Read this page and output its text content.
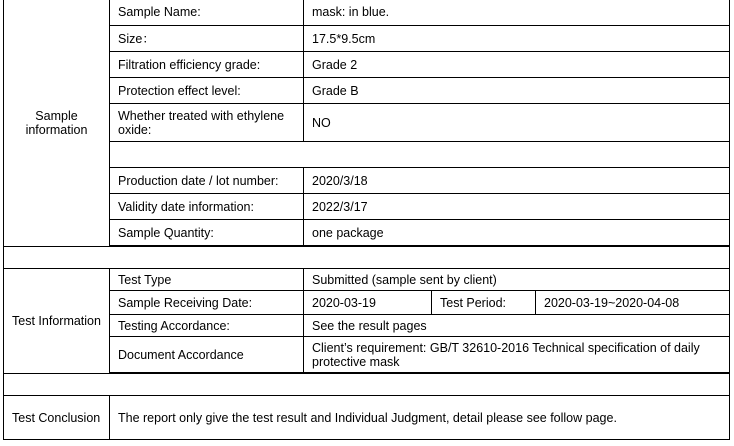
Sample information	Sample Name:	mask: in blue.		
	Size：	17.5*9.5cm		
	Filtration efficiency grade:	Grade 2		
	Protection effect level:	Grade B		
	Whether treated with ethylene oxide:	NO		

	Production date / lot number:	2020/3/18		
	Validity date information:	2022/3/17		
	Sample Quantity:	one package		

Test Information	Test Type	Submitted (sample sent by client)		
	Sample Receiving Date:	2020-03-19	Test Period:	2020-03-19~2020-04-08
	Testing Accordance:	See the result pages		
	Document Accordance	Client’s requirement: GB/T 32610-2016 Technical specification of daily protective mask		

Test Conclusion	The report only give the test result and Individual Judgment, detail please see follow page.			
